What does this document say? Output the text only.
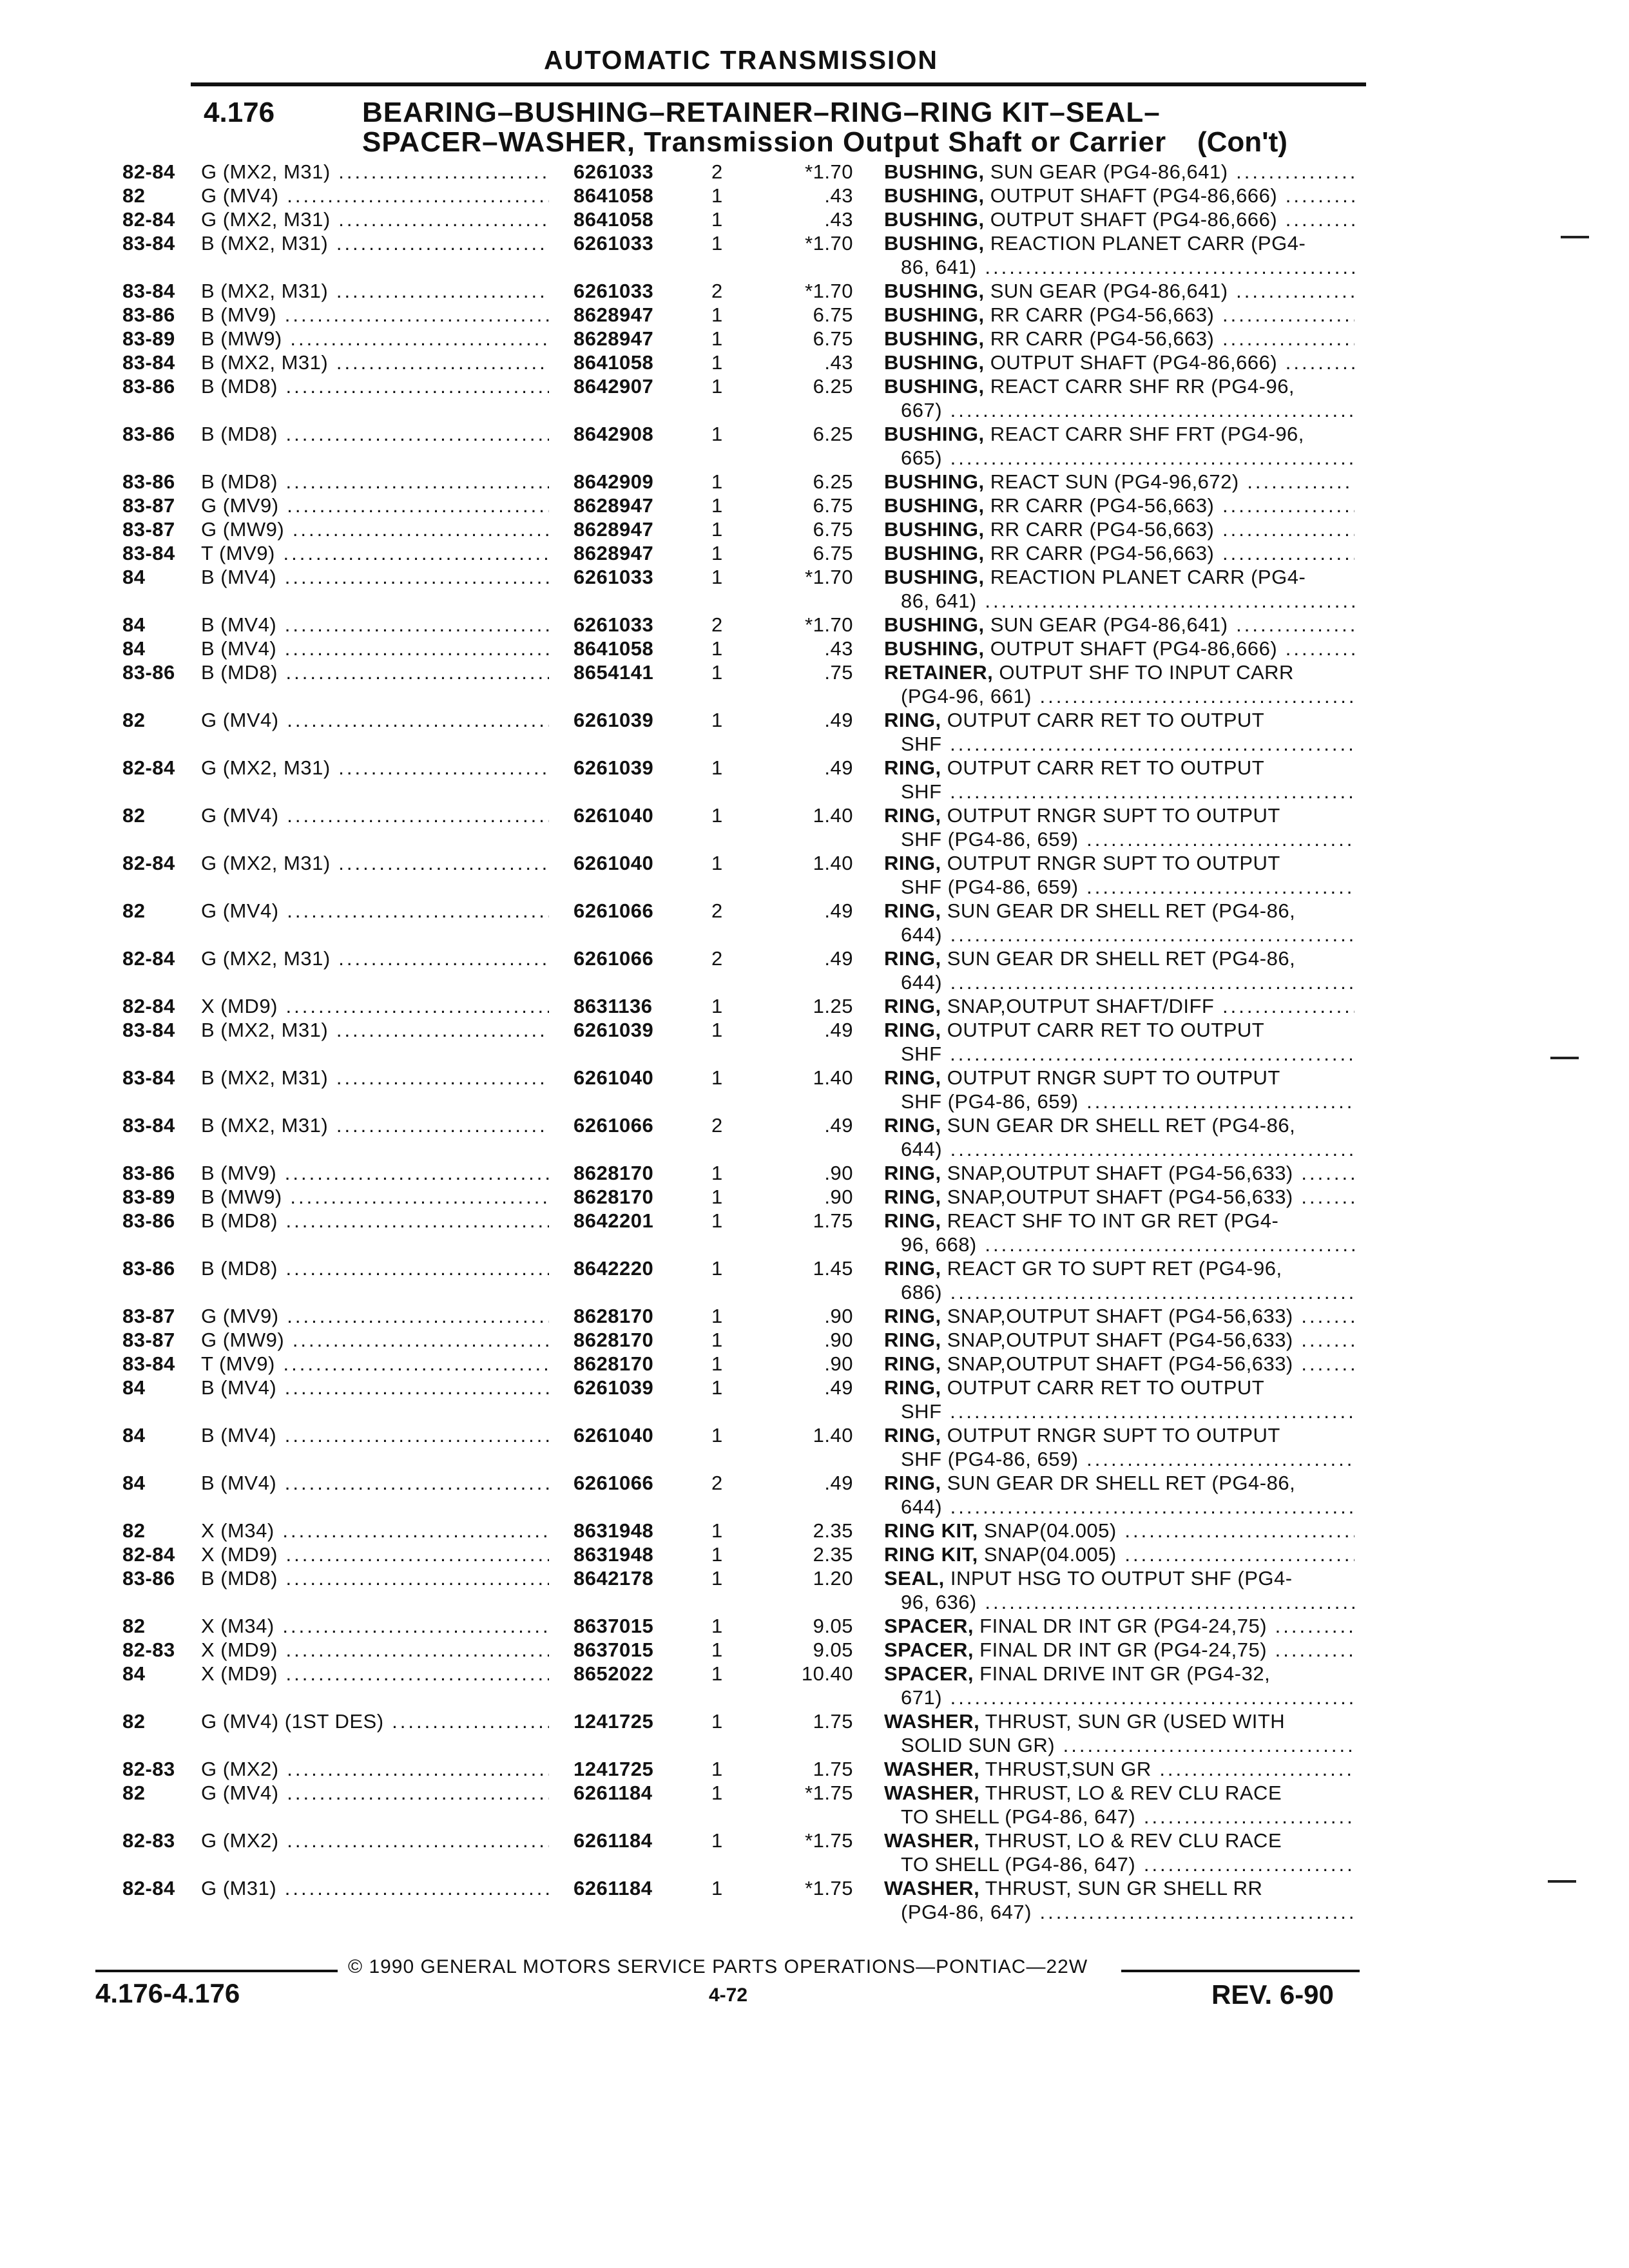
AUTOMATIC TRANSMISSION
4.176	BEARING–BUSHING–RETAINER–RING–RING KIT–SEAL–
SPACER–WASHER, Transmission Output Shaft or Carrier (Con't)
82-84 G (MX2, M31) .....	6261033	2	*1.70 BUSHING, SUN GEAR (PG4-86,641) .....
82	G (MV4) .....	8641058	1	.43 BUSHING, OUTPUT SHAFT (PG4-86,666) .....
82-84 G (MX2, M31) .....	8641058	1	.43 BUSHING, OUTPUT SHAFT (PG4-86,666) .....
83-84 B (MX2, M31) .....	6261033	1	*1.70 BUSHING, REACTION PLANET CARR (PG4-
86, 641) .....
83-84 B (MX2, M31) .....	6261033	2	*1.70 BUSHING, SUN GEAR (PG4-86,641) .....
83-86 B (MV9) .....	8628947	1	6.75 BUSHING, RR CARR (PG4-56,663) .....
83-89 B (MW9) .....	8628947	1	6.75 BUSHING, RR CARR (PG4-56,663) .....
83-84 B (MX2, M31) .....	8641058	1	.43 BUSHING, OUTPUT SHAFT (PG4-86,666) .....
83-86 B (MD8) .....	8642907	1	6.25 BUSHING, REACT CARR SHF RR (PG4-96,
667) .....
83-86 B (MD8) .....	8642908	1	6.25 BUSHING, REACT CARR SHF FRT (PG4-96,
665) .....
83-86 B (MD8) .....	8642909	1	6.25 BUSHING, REACT SUN (PG4-96,672) .....
83-87 G (MV9) .....	8628947	1	6.75 BUSHING, RR CARR (PG4-56,663) .....
83-87 G (MW9) .....	8628947	1	6.75 BUSHING, RR CARR (PG4-56,663) .....
83-84 T (MV9) .....	8628947	1	6.75 BUSHING, RR CARR (PG4-56,663) .....
84	B (MV4) .....	6261033	1	*1.70 BUSHING, REACTION PLANET CARR (PG4-
86, 641) .....
84	B (MV4) .....	6261033	2	*1.70 BUSHING, SUN GEAR (PG4-86,641) .....
84	B (MV4) .....	8641058	1	.43 BUSHING, OUTPUT SHAFT (PG4-86,666) .....
83-86 B (MD8) .....	8654141	1	.75 RETAINER, OUTPUT SHF TO INPUT CARR
(PG4-96, 661) .....
82	G (MV4) .....	6261039	1	.49 RING, OUTPUT CARR RET TO OUTPUT
SHF .....
82-84 G (MX2, M31) .....	6261039	1	.49 RING, OUTPUT CARR RET TO OUTPUT
SHF .....
82	G (MV4) .....	6261040	1	1.40 RING, OUTPUT RNGR SUPT TO OUTPUT
SHF (PG4-86, 659) .....
82-84 G (MX2, M31) .....	6261040	1	1.40 RING, OUTPUT RNGR SUPT TO OUTPUT
SHF (PG4-86, 659) .....
82	G (MV4) .....	6261066	2	.49 RING, SUN GEAR DR SHELL RET (PG4-86,
644) .....
82-84 G (MX2, M31) .....	6261066	2	.49 RING, SUN GEAR DR SHELL RET (PG4-86,
644) .....
82-84 X (MD9) .....	8631136	1	1.25 RING, SNAP,OUTPUT SHAFT/DIFF .....
83-84 B (MX2, M31) .....	6261039	1	.49 RING, OUTPUT CARR RET TO OUTPUT
SHF .....
83-84 B (MX2, M31) .....	6261040	1	1.40 RING, OUTPUT RNGR SUPT TO OUTPUT
SHF (PG4-86, 659) .....
83-84 B (MX2, M31) .....	6261066	2	.49 RING, SUN GEAR DR SHELL RET (PG4-86,
644) .....
83-86 B (MV9) .....	8628170	1	.90 RING, SNAP,OUTPUT SHAFT (PG4-56,633) .....
83-89 B (MW9) .....	8628170	1	.90 RING, SNAP,OUTPUT SHAFT (PG4-56,633) .....
83-86 B (MD8) .....	8642201	1	1.75 RING, REACT SHF TO INT GR RET (PG4-
96, 668) .....
83-86 B (MD8) .....	8642220	1	1.45 RING, REACT GR TO SUPT RET (PG4-96,
686) .....
83-87 G (MV9) .....	8628170	1	.90 RING, SNAP,OUTPUT SHAFT (PG4-56,633) .....
83-87 G (MW9) .....	8628170	1	.90 RING, SNAP,OUTPUT SHAFT (PG4-56,633) .....
83-84 T (MV9) .....	8628170	1	.90 RING, SNAP,OUTPUT SHAFT (PG4-56,633) .....
84	B (MV4) .....	6261039	1	.49 RING, OUTPUT CARR RET TO OUTPUT
SHF .....
84	B (MV4) .....	6261040	1	1.40 RING, OUTPUT RNGR SUPT TO OUTPUT
SHF (PG4-86, 659) .....
84	B (MV4) .....	6261066	2	.49 RING, SUN GEAR DR SHELL RET (PG4-86,
644) .....
82	X (M34) .....	8631948	1	2.35 RING KIT, SNAP(04.005) .....
82-84 X (MD9) .....	8631948	1	2.35 RING KIT, SNAP(04.005) .....
83-86 B (MD8) .....	8642178	1	1.20 SEAL, INPUT HSG TO OUTPUT SHF (PG4-
96, 636) .....
82	X (M34) .....	8637015	1	9.05 SPACER, FINAL DR INT GR (PG4-24,75) .....
82-83 X (MD9) .....	8637015	1	9.05 SPACER, FINAL DR INT GR (PG4-24,75) .....
84	X (MD9) .....	8652022	1	10.40 SPACER, FINAL DRIVE INT GR (PG4-32,
671) .....
82	G (MV4) (1ST DES) .....	1241725	1	1.75 WASHER, THRUST, SUN GR (USED WITH
SOLID SUN GR) .....
82-83 G (MX2) .....	1241725	1	1.75 WASHER, THRUST,SUN GR .....
82	G (MV4) .....	6261184	1	*1.75 WASHER, THRUST, LO & REV CLU RACE
TO SHELL (PG4-86, 647) .....
82-83 G (MX2) .....	6261184	1	*1.75 WASHER, THRUST, LO & REV CLU RACE
TO SHELL (PG4-86, 647) .....
82-84 G (M31) .....	6261184	1	*1.75 WASHER, THRUST, SUN GR SHELL RR
(PG4-86, 647) .....
© 1990 GENERAL MOTORS SERVICE PARTS OPERATIONS—PONTIAC—22W
4.176-4.176	4-72	REV. 6-90
